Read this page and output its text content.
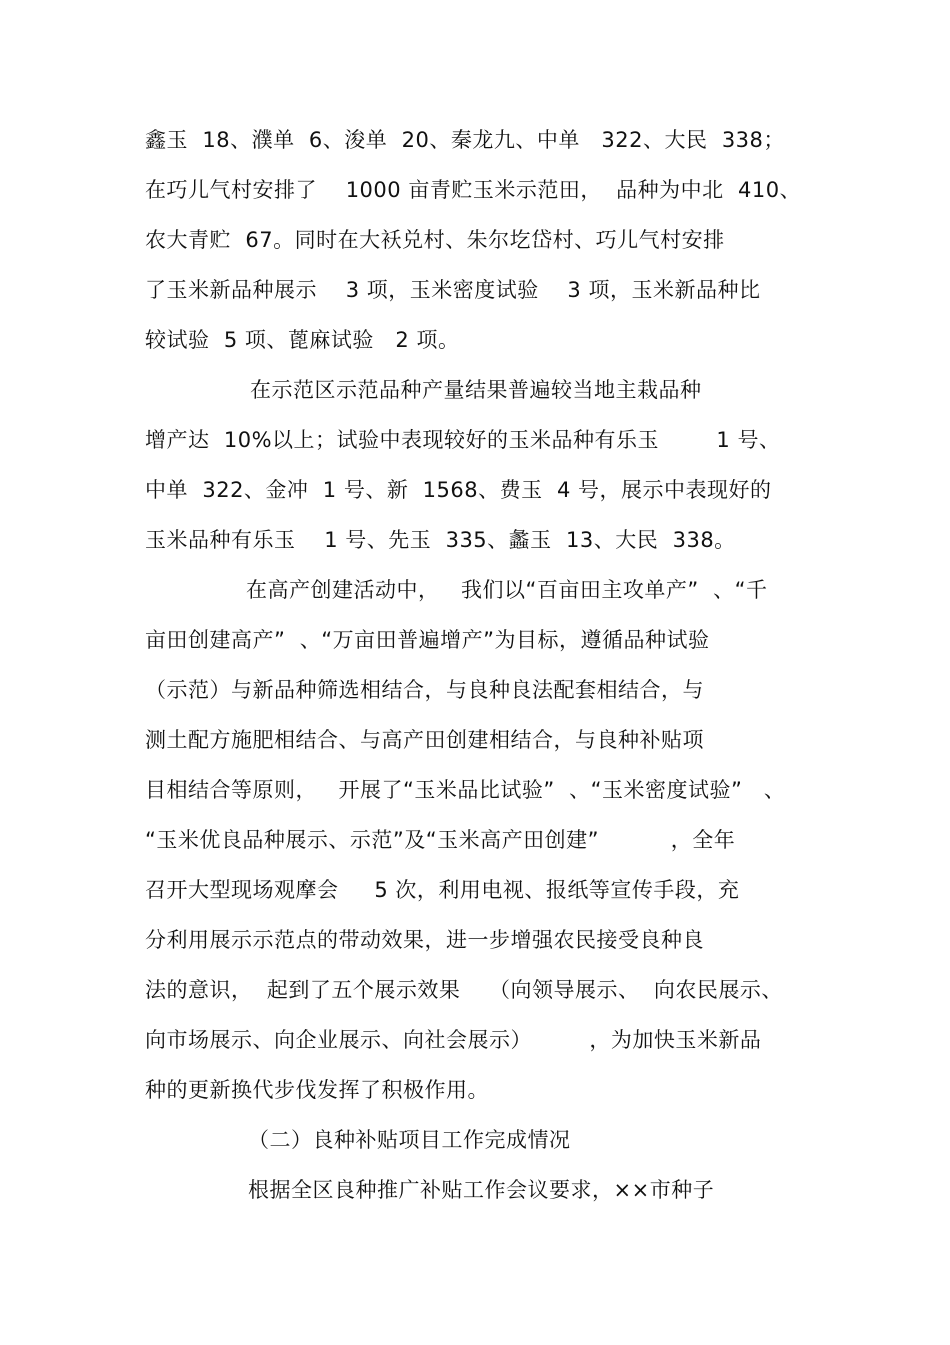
鑫玉  18、濮单  6、浚单  20、秦龙九、中单   322、大民  338；
在巧儿气村安排了    1000 亩青贮玉米示范田，  品种为中北  410、
农大青贮  67。同时在大袄兑村、朱尔圪岱村、巧儿气村安排
了玉米新品种展示    3 项，玉米密度试验    3 项，玉米新品种比
较试验  5 项、蓖麻试验   2 项。
在示范区示范品种产量结果普遍较当地主栽品种
增产达  10%以上；试验中表现较好的玉米品种有乐玉        1 号、
中单  322、金冲  1 号、新  1568、费玉  4 号，展示中表现好的
玉米品种有乐玉    1 号、先玉  335、蠡玉  13、大民  338。
在高产创建活动中，   我们以“百亩田主攻单产”  、“千
亩田创建高产”  、“万亩田普遍增产”为目标，遵循品种试验
（示范）与新品种筛选相结合，与良种良法配套相结合，与
测土配方施肥相结合、与高产田创建相结合，与良种补贴项
目相结合等原则，   开展了“玉米品比试验”  、“玉米密度试验”   、
“玉米优良品种展示、示范”及“玉米高产田创建”          ，全年
召开大型现场观摩会     5 次，利用电视、报纸等宣传手段，充
分利用展示示范点的带动效果，进一步增强农民接受良种良
法的意识，  起到了五个展示效果    （向领导展示、  向农民展示、
向市场展示、向企业展示、向社会展示）        ，为加快玉米新品
种的更新换代步伐发挥了积极作用。
（二）良种补贴项目工作完成情况
根据全区良种推广补贴工作会议要求，××市种子
